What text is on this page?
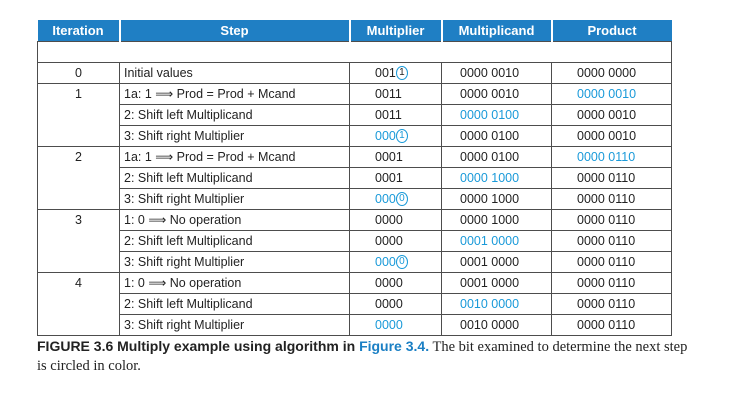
Iteration	Step	Multiplier	Multiplicand	Product

0	Initial values	001 1	0000 0010	0000 0000
1	1a: 1 ⟹ Prod = Prod + Mcand	0011	0000 0010	0000 0010
	2: Shift left Multiplicand	0011	0000 0100	0000 0010
	3: Shift right Multiplier	000 1	0000 0100	0000 0010
2	1a: 1 ⟹ Prod = Prod + Mcand	0001	0000 0100	0000 0110
	2: Shift left Multiplicand	0001	0000 1000	0000 0110
	3: Shift right Multiplier	000 0	0000 1000	0000 0110
3	1: 0 ⟹ No operation	0000	0000 1000	0000 0110
	2: Shift left Multiplicand	0000	0001 0000	0000 0110
	3: Shift right Multiplier	000 0	0001 0000	0000 0110
4	1: 0 ⟹ No operation	0000	0001 0000	0000 0110
	2: Shift left Multiplicand	0000	0010 0000	0000 0110
	3: Shift right Multiplier	0000	0010 0000	0000 0110
FIGURE 3.6 Multiply example using algorithm in Figure 3.4. The bit examined to determine the next step is circled in color.
